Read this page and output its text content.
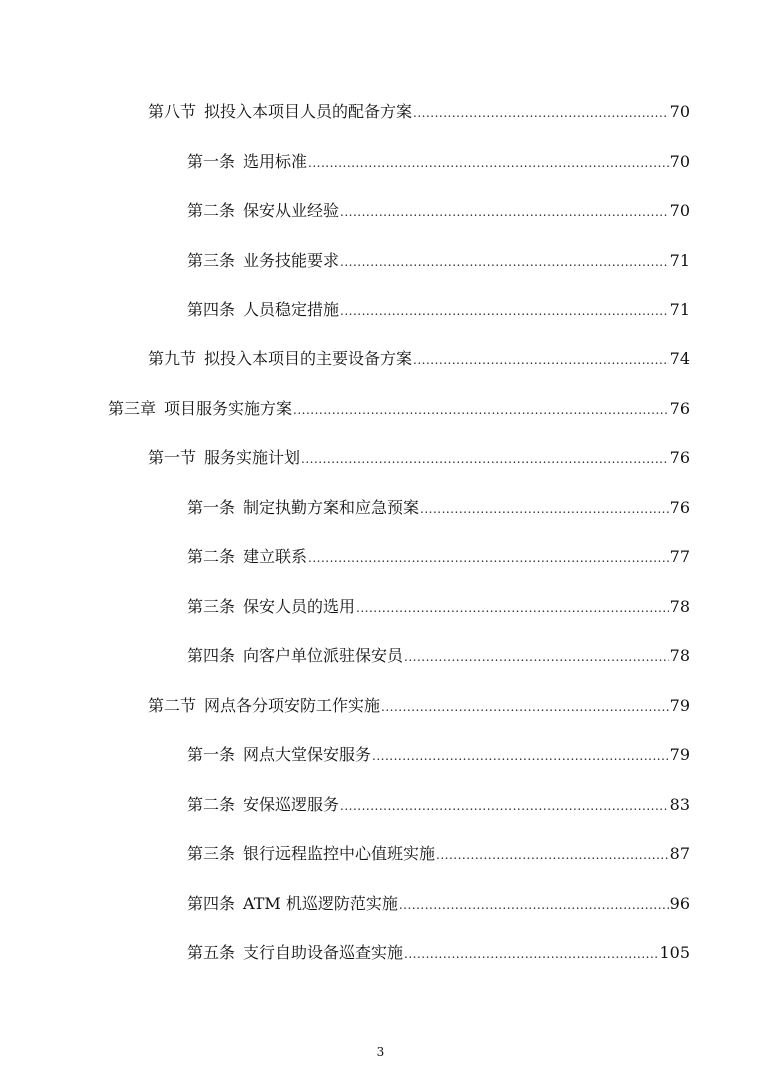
第八节 拟投入本项目人员的配备方案 .....	70
第一条 选用标准 .....	70
第二条 保安从业经验 .....	70
第三条 业务技能要求 .....	71
第四条 人员稳定措施 .....	71
第九节 拟投入本项目的主要设备方案 .....	74
第三章 项目服务实施方案 .....	76
第一节 服务实施计划 .....	76
第一条 制定执勤方案和应急预案 .....	76
第二条 建立联系 .....	77
第三条 保安人员的选用 .....	78
第四条 向客户单位派驻保安员 .....	78
第二节 网点各分项安防工作实施 .....	79
第一条 网点大堂保安服务 .....	79
第二条 安保巡逻服务 .....	83
第三条 银行远程监控中心值班实施 .....	87
第四条 ATM 机巡逻防范实施 .....	96
第五条 支行自助设备巡查实施 .....	105
3
